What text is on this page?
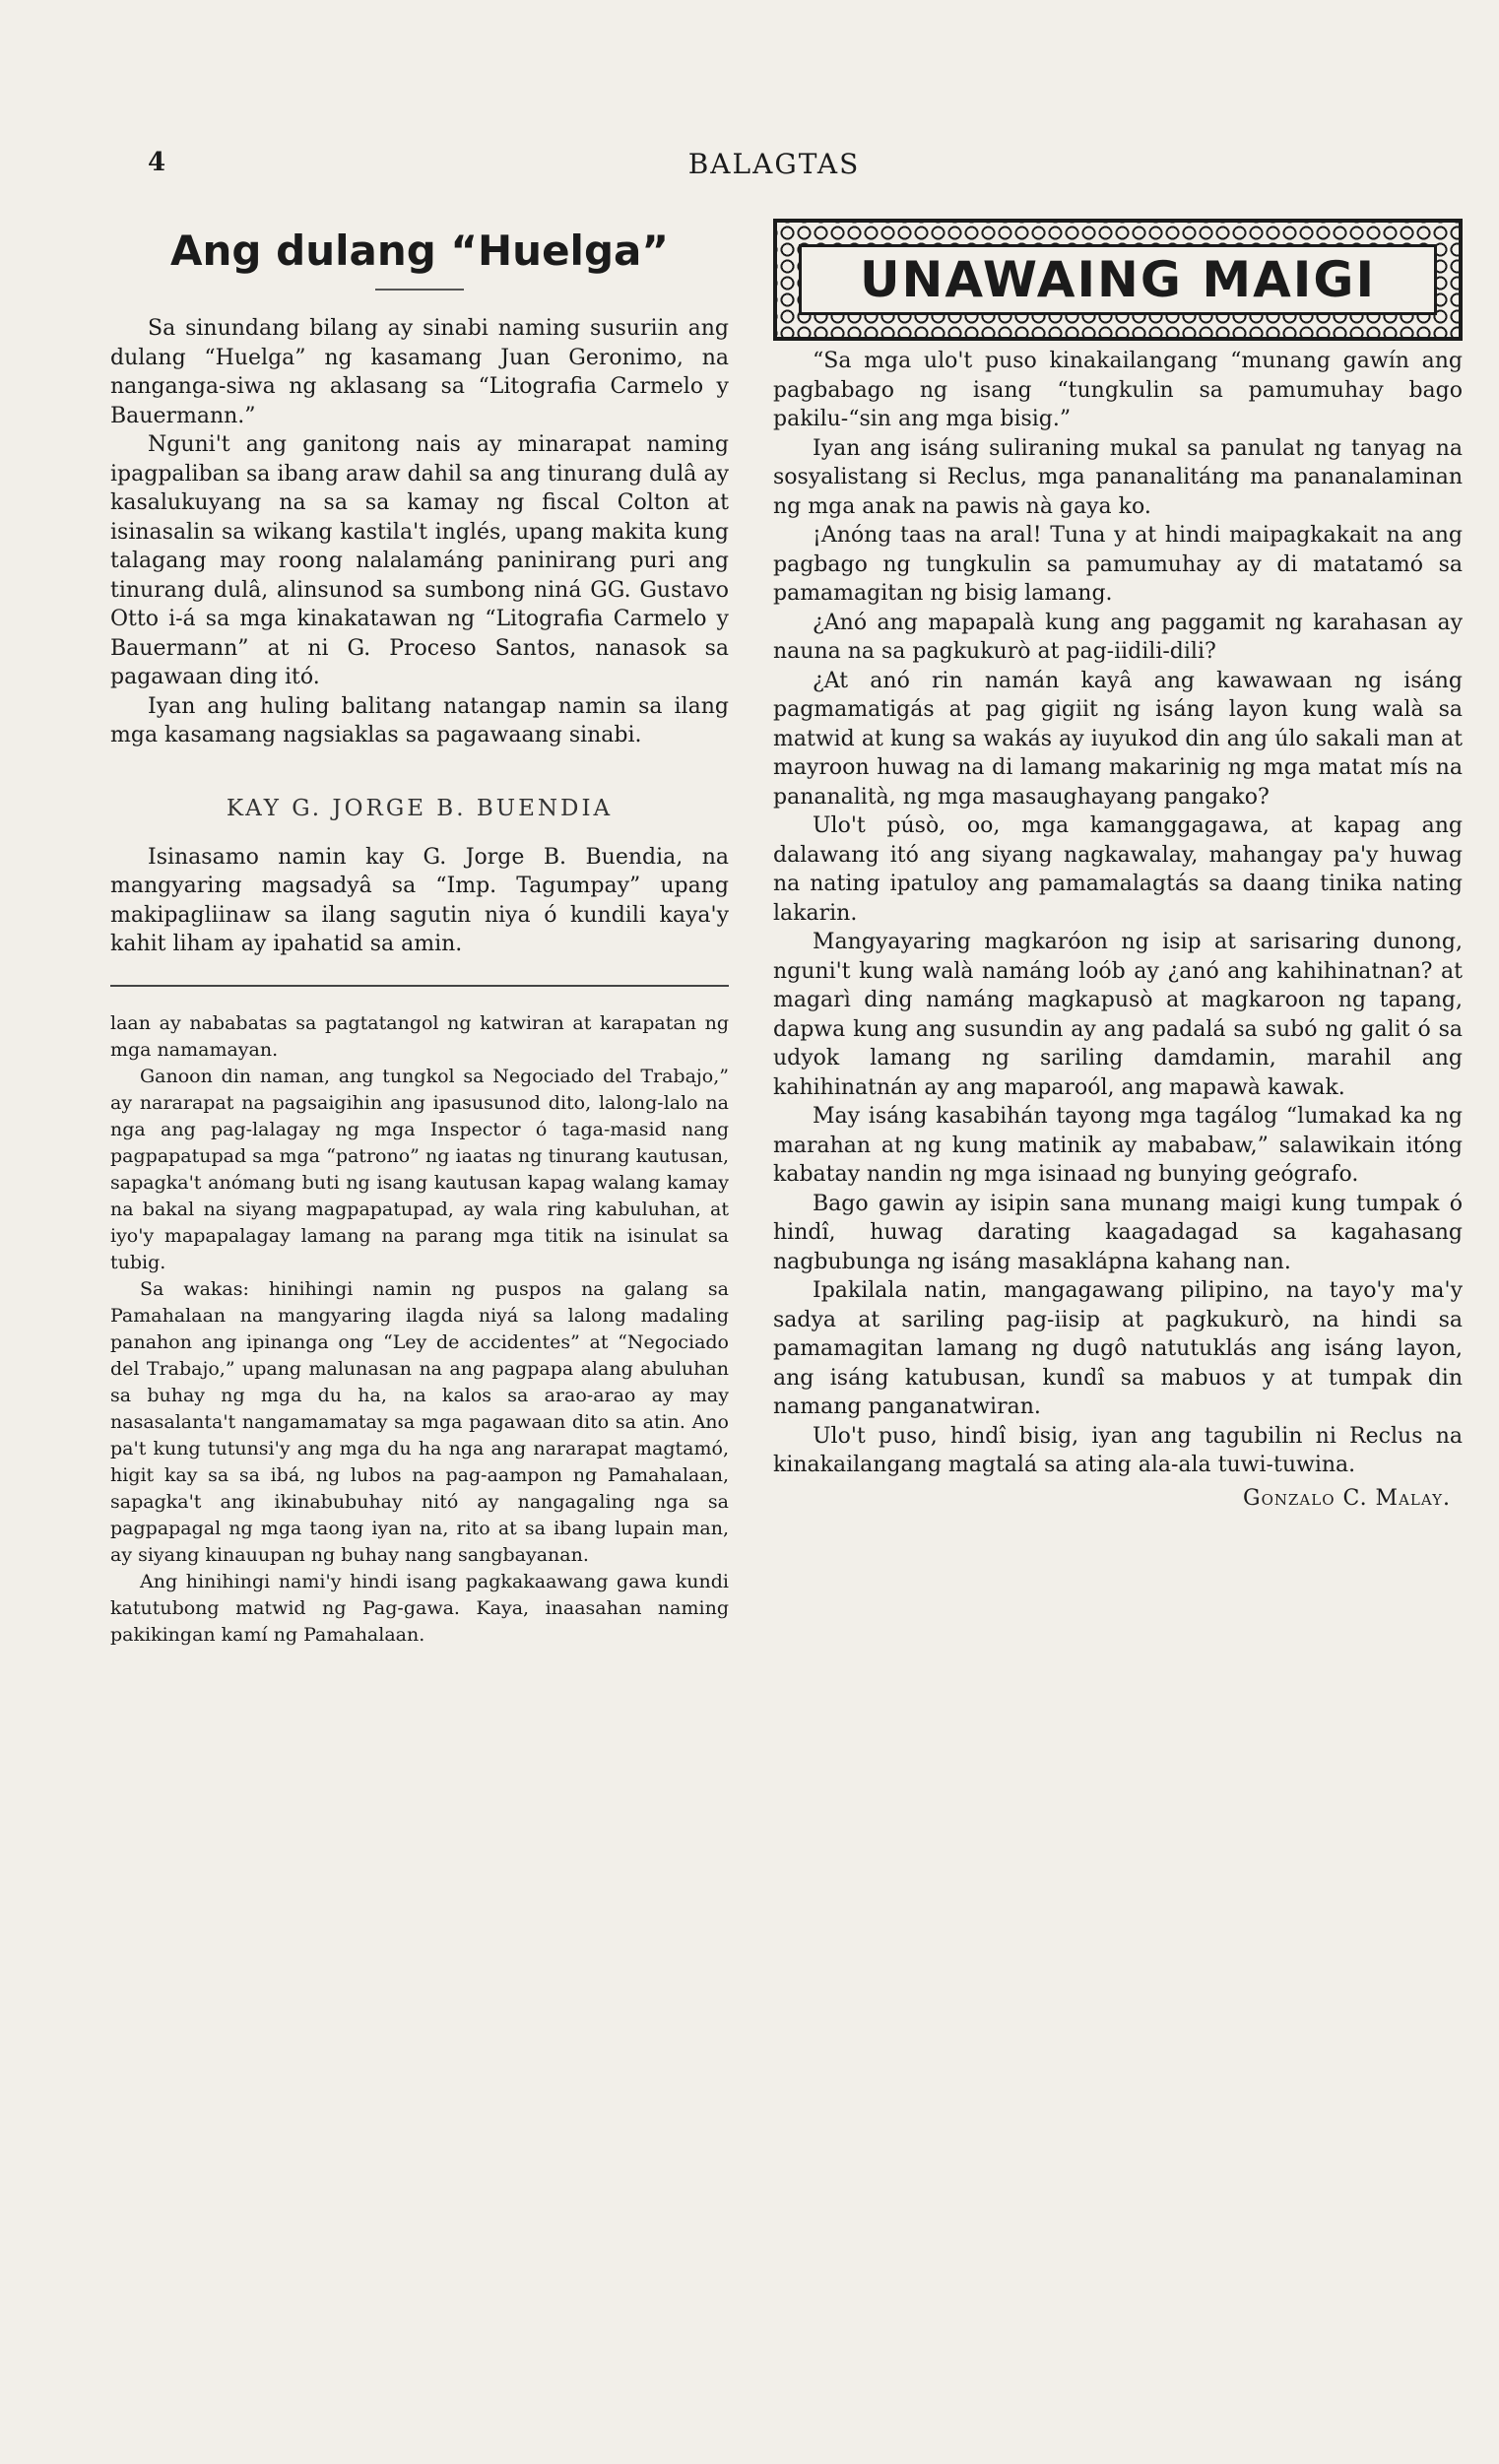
4	BALAGTAS
Ang dulang “Huelga”

Sa sinundang bilang ay sinabi naming susuriin ang dulang “Huelga” ng kasamang Juan Geronimo, na nanganga-siwa ng aklasang sa “Litografia Carmelo y Bauermann.”

Nguni't ang ganitong nais ay minarapat naming ipagpaliban sa ibang araw dahil sa ang tinurang dulâ ay kasalukuyang na sa sa kamay ng fiscal Colton at isinasalin sa wikang kastila't inglés, upang makita kung talagang may roong nalalamáng paninirang puri ang tinurang dulâ, alinsunod sa sumbong niná GG. Gustavo Otto i-á sa mga kinakatawan ng “Litografia Carmelo y Bauermann” at ni G. Proceso Santos, nanasok sa pagawaan ding itó.

Iyan ang huling balitang natangap namin sa ilang mga kasamang nagsiaklas sa pagawaang sinabi.

KAY G. JORGE B. BUENDIA

Isinasamo namin kay G. Jorge B. Buendia, na mangyaring magsadyâ sa “Imp. Tagumpay” upang makipagliinaw sa ilang sagutin niya ó kundili kaya'y kahit liham ay ipahatid sa amin.

laan ay nababatas sa pagtatangol ng katwiran at karapatan ng mga namamayan.

Ganoon din naman, ang tungkol sa Negociado del Trabajo,” ay nararapat na pagsaigihin ang ipasusunod dito, lalong-lalo na nga ang pag-lalagay ng mga Inspector ó taga-masid nang pagpapatupad sa mga “patrono” ng iaatas ng tinurang kautusan, sapagka't anómang buti ng isang kautusan kapag walang kamay na bakal na siyang magpapatupad, ay wala ring kabuluhan, at iyo'y mapapalagay lamang na parang mga titik na isinulat sa tubig.

Sa wakas: hinihingi namin ng puspos na galang sa Pamahalaan na mangyaring ilagda niyá sa lalong madaling panahon ang ipinanga ong “Ley de accidentes” at “Negociado del Trabajo,” upang malunasan na ang pagpapa alang abuluhan sa buhay ng mga du ha, na kalos sa arao-arao ay may nasasalanta't nangamamatay sa mga pagawaan dito sa atin. Ano pa't kung tutunsi'y ang mga du ha nga ang nararapat magtamó, higit kay sa sa ibá, ng lubos na pag-aampon ng Pamahalaan, sapagka't ang ikinabubuhay nitó ay nangagaling nga sa pagpapagal ng mga taong iyan na, rito at sa ibang lupain man, ay siyang kinauupan ng buhay nang sangbayanan.

Ang hinihingi nami'y hindi isang pagkakaawang gawa kundi katutubong matwid ng Pag-gawa. Kaya, inaasahan naming pakikingan kamí ng Pamahalaan.

UNAWAING MAIGI

“Sa mga ulo't puso kinakailangang “munang gawín ang pagbabago ng isang “tungkulin sa pamumuhay bago pakilu-“sin ang mga bisig.”

Iyan ang isáng suliraning mukal sa panulat ng tanyag na sosyalistang si Reclus, mga pananalitáng ma pananalaminan ng mga anak na pawis nà gaya ko.

¡Anóng taas na aral! Tuna y at hindi maipagkakait na ang pagbago ng tungkulin sa pamumuhay ay di matatamó sa pamamagitan ng bisig lamang.

¿Anó ang mapapalà kung ang paggamit ng karahasan ay nauna na sa pagkukurò at pag-iidili-dili?

¿At anó rin namán kayâ ang kawawaan ng isáng pagmamatigás at pag gigiit ng isáng layon kung walà sa matwid at kung sa wakás ay iuyukod din ang úlo sakali man at mayroon huwag na di lamang makarinig ng mga matat mís na pananalità, ng mga masaughayang pangako?

Ulo't púsò, oo, mga kamanggagawa, at kapag ang dalawang itó ang siyang nagkawalay, mahangay pa'y huwag na nating ipatuloy ang pamamalagtás sa daang tinika nating lakarin.

Mangyayaring magkaróon ng isip at sarisaring dunong, nguni't kung walà namáng loób ay ¿anó ang kahihinatnan? at magarì ding namáng magkapusò at magkaroon ng tapang, dapwa kung ang susundin ay ang padalá sa subó ng galit ó sa udyok lamang ng sariling damdamin, marahil ang kahihinatnán ay ang maparoól, ang mapawà kawak.

May isáng kasabihán tayong mga tagálog “lumakad ka ng marahan at ng kung matinik ay mababaw,” salawikain itóng kabatay nandin ng mga isinaad ng bunying geógrafo.

Bago gawin ay isipin sana munang maigi kung tumpak ó hindî, huwag darating kaagadagad sa kagahasang nagbubunga ng isáng masaklápna kahang nan.

Ipakilala natin, mangagawang pilipino, na tayo'y ma'y sadya at sariling pag-iisip at pagkukurò, na hindi sa pamamagitan lamang ng dugô natutuklás ang isáng layon, ang isáng katubusan, kundî sa mabuos y at tumpak din namang panganatwiran.

Ulo't puso, hindî bisig, iyan ang tagubilin ni Reclus na kinakailangang magtalá sa ating ala-ala tuwi-tuwina.

Gonzalo C. Malay.
